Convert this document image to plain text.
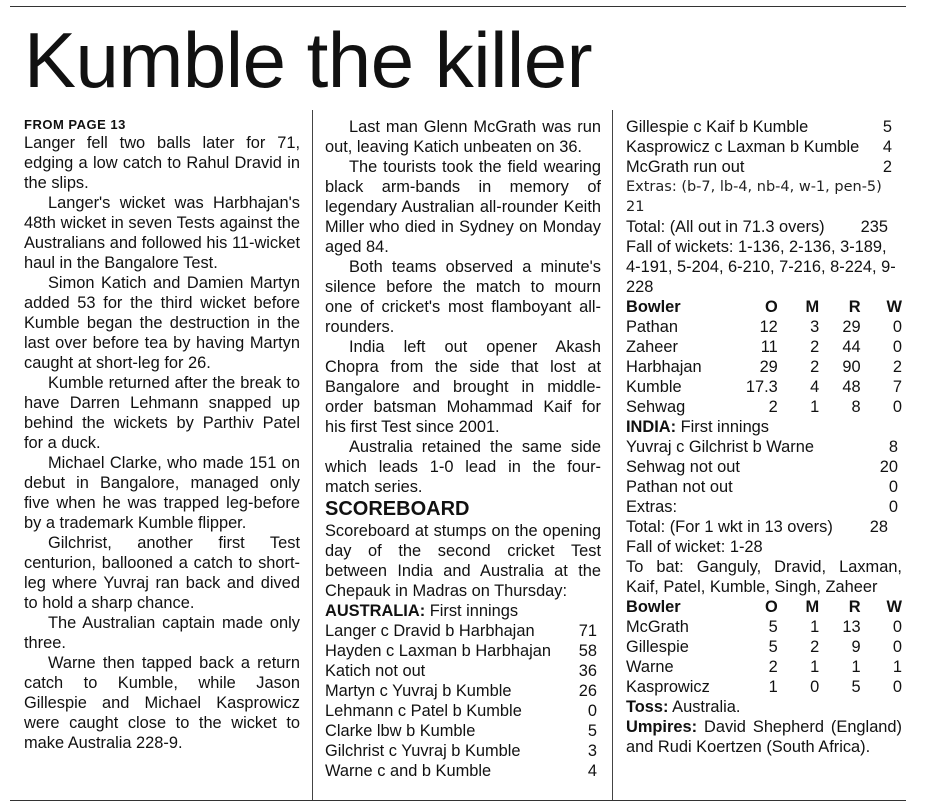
Kumble the killer
FROM PAGE 13

Langer fell two balls later for 71, edging a low catch to Rahul Dravid in the slips.

Langer's wicket was Harbhajan's 48th wicket in seven Tests against the Australians and followed his 11-wicket haul in the Bangalore Test.

Simon Katich and Damien Martyn added 53 for the third wicket before Kumble began the destruction in the last over before tea by having Martyn caught at short-leg for 26.

Kumble returned after the break to have Darren Lehmann snapped up behind the wickets by Parthiv Patel for a duck.

Michael Clarke, who made 151 on debut in Bangalore, managed only five when he was trapped leg-before by a trademark Kumble flipper.

Gilchrist, another first Test centurion, ballooned a catch to short-leg where Yuvraj ran back and dived to hold a sharp chance.

The Australian captain made only three.

Warne then tapped back a return catch to Kumble, while Jason Gillespie and Michael Kasprowicz were caught close to the wicket to make Australia 228-9.

Last man Glenn McGrath was run out, leaving Katich unbeaten on 36.

The tourists took the field wearing black arm-bands in memory of legendary Australian all-rounder Keith Miller who died in Sydney on Monday aged 84.

Both teams observed a minute's silence before the match to mourn one of cricket's most flamboyant all-rounders.

India left out opener Akash Chopra from the side that lost at Bangalore and brought in middle-order batsman Mohammad Kaif for his first Test since 2001.

Australia retained the same side which leads 1-0 lead in the four-match series.

SCOREBOARD

Scoreboard at stumps on the opening day of the second cricket Test between India and Australia at the Chepauk in Madras on Thursday:

AUSTRALIA: First innings
Langer c Dravid b Harbhajan	71
Hayden c Laxman b Harbhajan 58
Katich not out	36
Martyn c Yuvraj b Kumble	26
Lehmann c Patel b Kumble	0
Clarke lbw b Kumble	5
Gilchrist c Yuvraj b Kumble	3
Warne c and b Kumble	4
Gillespie c Kaif b Kumble	5
Kasprowicz c Laxman b Kumble 4
McGrath run out	2
Extras: (b-7, lb-4, nb-4, w-1, pen-5) 21
Total: (All out in 71.3 overs) 235
Fall of wickets: 1-136, 2-136, 3-189, 4-191, 5-204, 6-210, 7-216, 8-224, 9-228
Bowler	O	M	R	W
Pathan	12	3	29	0
Zaheer	11	2	44	0
Harbhajan	29	2	90	2
Kumble	17.3	4	48	7
Sehwag	2	1	8	0
INDIA: First innings
Yuvraj c Gilchrist b Warne	8
Sehwag not out	20
Pathan not out	0
Extras:	0
Total: (For 1 wkt in 13 overs) 28
Fall of wicket: 1-28

To bat: Ganguly, Dravid, Laxman, Kaif, Patel, Kumble, Singh, Zaheer

Bowler	O	M	R	W
McGrath	5	1	13	0
Gillespie	5	2	9	0
Warne	2	1	1	1
Kasprowicz	1	0	5	0
Toss: Australia.

Umpires: David Shepherd (England) and Rudi Koertzen (South Africa).
